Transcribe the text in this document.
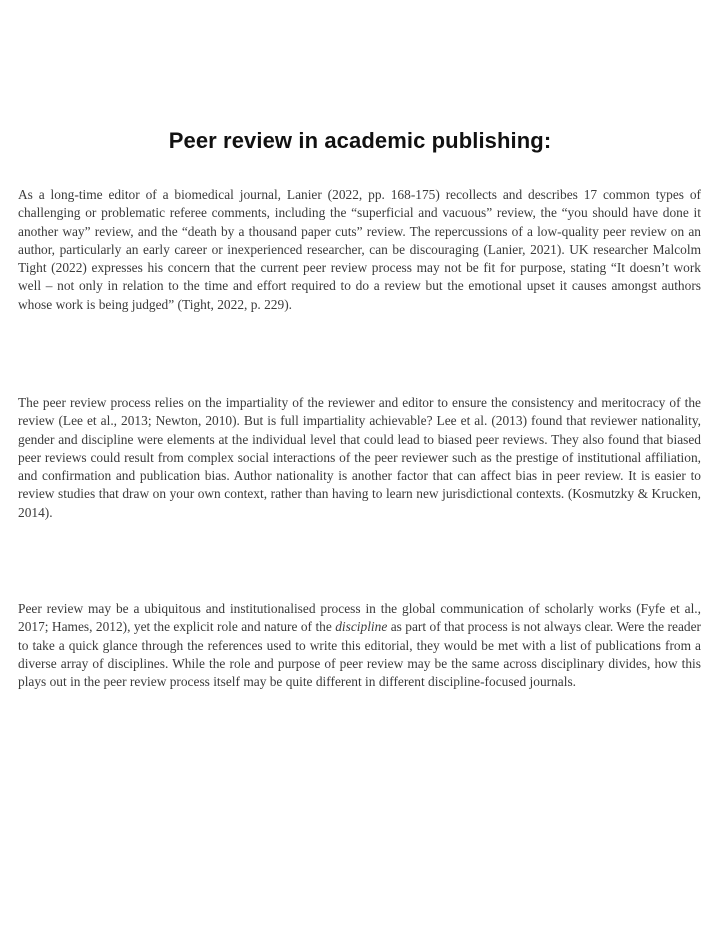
Peer review in academic publishing:

As a long-time editor of a biomedical journal, Lanier (2022, pp. 168-175) recollects and describes 17 common types of challenging or problematic referee comments, including the “superficial and vacuous” review, the “you should have done it another way” review, and the “death by a thousand paper cuts” review. The repercussions of a low-quality peer review on an author, particularly an early career or inexperienced researcher, can be discouraging (Lanier, 2021). UK researcher Malcolm Tight (2022) expresses his concern that the current peer review process may not be fit for purpose, stating “It doesn’t work well – not only in relation to the time and effort required to do a review but the emotional upset it causes amongst authors whose work is being judged” (Tight, 2022, p. 229).

The peer review process relies on the impartiality of the reviewer and editor to ensure the consistency and meritocracy of the review (Lee et al., 2013; Newton, 2010). But is full impartiality achievable? Lee et al. (2013) found that reviewer nationality, gender and discipline were elements at the individual level that could lead to biased peer reviews. They also found that biased peer reviews could result from complex social interactions of the peer reviewer such as the prestige of institutional affiliation, and confirmation and publication bias. Author nationality is another factor that can affect bias in peer review. It is easier to review studies that draw on your own context, rather than having to learn new jurisdictional contexts. (Kosmutzky & Krucken, 2014).

Peer review may be a ubiquitous and institutionalised process in the global communication of scholarly works (Fyfe et al., 2017; Hames, 2012), yet the explicit role and nature of the discipline as part of that process is not always clear. Were the reader to take a quick glance through the references used to write this editorial, they would be met with a list of publications from a diverse array of disciplines. While the role and purpose of peer review may be the same across disciplinary divides, how this plays out in the peer review process itself may be quite different in different discipline-focused journals.
